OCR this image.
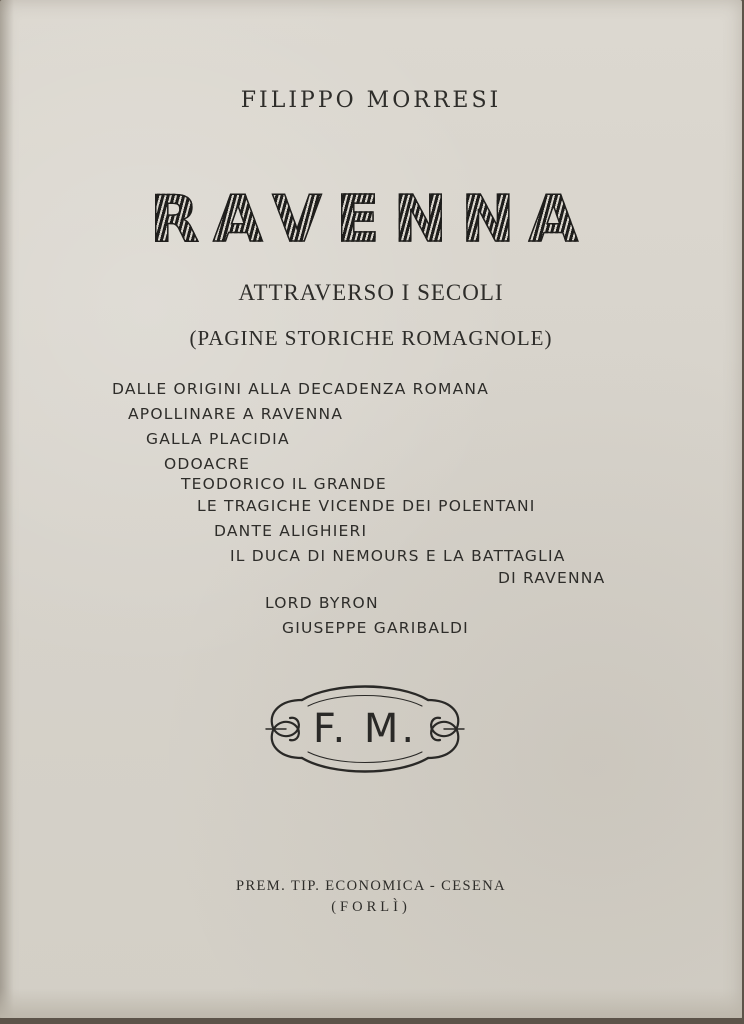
FILIPPO MORRESI
RAVENNA
ATTRAVERSO I SECOLI
(PAGINE STORICHE ROMAGNOLE)
DALLE ORIGINI ALLA DECADENZA ROMANA
APOLLINARE A RAVENNA
GALLA PLACIDIA
ODOACRE
TEODORICO IL GRANDE
LE TRAGICHE VICENDE DEI POLENTANI
DANTE ALIGHIERI
IL DUCA DI NEMOURS E LA BATTAGLIA
DI RAVENNA
LORD BYRON
GIUSEPPE GARIBALDI
F. M.
PREM. TIP. ECONOMICA - CESENA
(FORLÌ)
